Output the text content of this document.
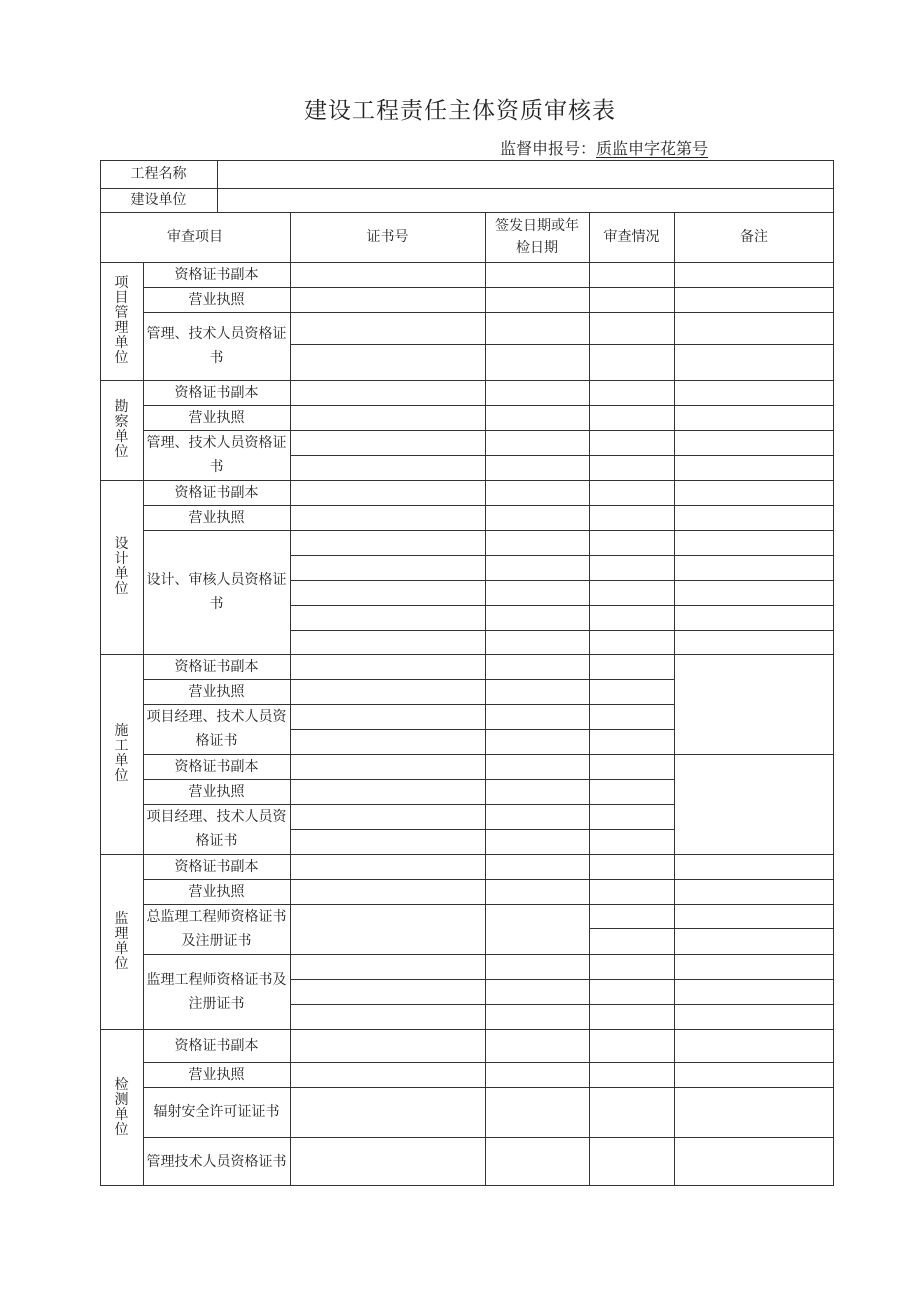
建设工程责任主体资质审核表
监督申报号：质监申字花第号
工程名称
建设单位
审查项目	证书号
签发日期或年
检日期
审查情况	备注
项目管理单位
资格证书副本
营业执照
管理、技术人员资格证书
勘察单位
资格证书副本
营业执照
管理、技术人员资格证书
设计单位
资格证书副本
营业执照
设计、审核人员资格证书
施工单位
资格证书副本
营业执照
项目经理、技术人员资格证书
资格证书副本
营业执照
项目经理、技术人员资格证书
监理单位
资格证书副本
营业执照
总监理工程师资格证书及注册证书
监理工程师资格证书及注册证书
检测单位
资格证书副本
营业执照
辐射安全许可证证书
管理技术人员资格证书
